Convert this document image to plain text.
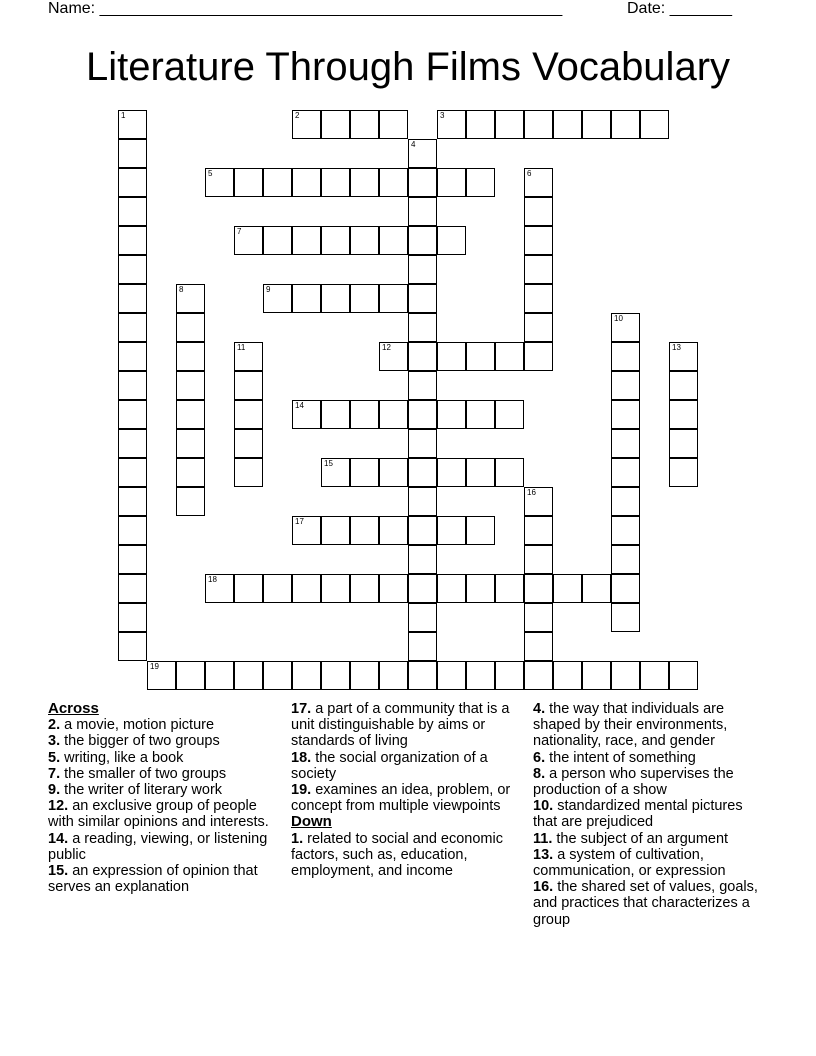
Name: ____________________________________________________	Date: _______
Literature Through Films Vocabulary
1	2	3
4
5	6
7
8	9
10
11	12	13
14
15
16
17
18
19
Across

2. a movie, motion picture

3. the bigger of two groups

5. writing, like a book

7. the smaller of two groups

9. the writer of literary work

12. an exclusive group of people with similar opinions and interests.

14. a reading, viewing, or listening public

15. an expression of opinion that serves an explanation

17. a part of a community that is a unit distinguishable by aims or standards of living

18. the social organization of a society

19. examines an idea, problem, or concept from multiple viewpoints

Down

1. related to social and economic factors, such as, education, employment, and income

4. the way that individuals are shaped by their environments, nationality, race, and gender

6. the intent of something

8. a person who supervises the production of a show

10. standardized mental pictures that are prejudiced

11. the subject of an argument

13. a system of cultivation, communication, or expression

16. the shared set of values, goals, and practices that characterizes a group
